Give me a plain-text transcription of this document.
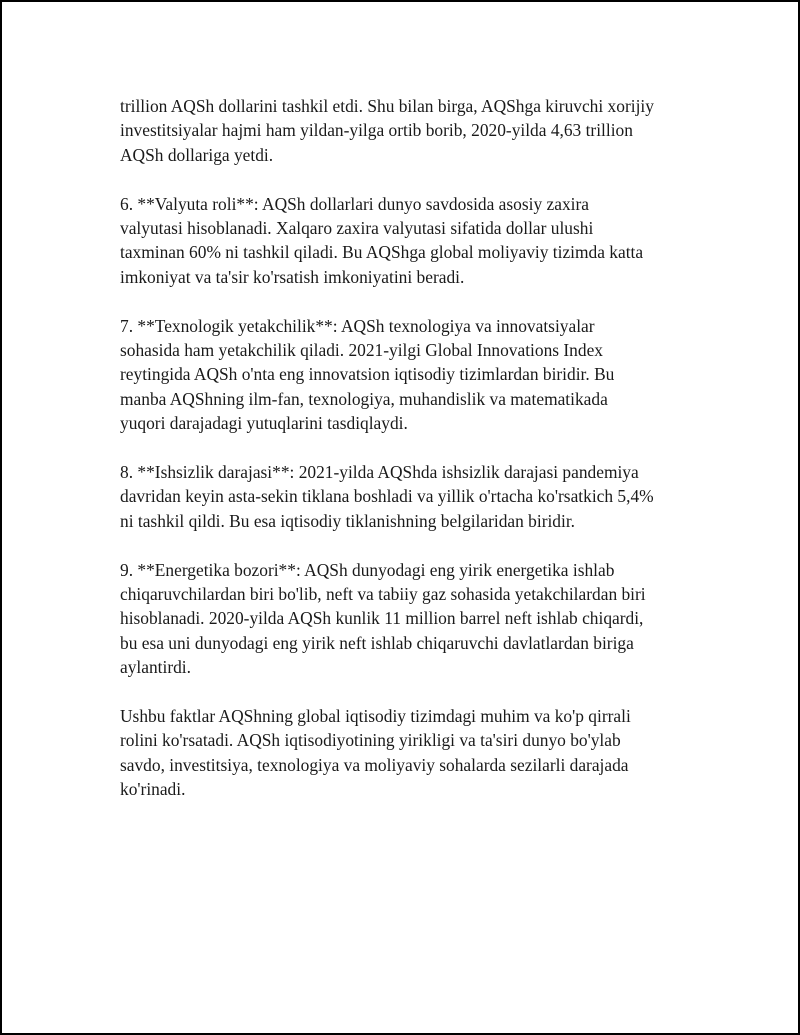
trillion AQSh dollarini tashkil etdi. Shu bilan birga, AQShga kiruvchi xorijiy
investitsiyalar hajmi ham yildan-yilga ortib borib, 2020-yilda 4,63 trillion
AQSh dollariga yetdi.

6. **Valyuta roli**: AQSh dollarlari dunyo savdosida asosiy zaxira
valyutasi hisoblanadi. Xalqaro zaxira valyutasi sifatida dollar ulushi
taxminan 60% ni tashkil qiladi. Bu AQShga global moliyaviy tizimda katta
imkoniyat va ta'sir ko'rsatish imkoniyatini beradi.

7. **Texnologik yetakchilik**: AQSh texnologiya va innovatsiyalar
sohasida ham yetakchilik qiladi. 2021-yilgi Global Innovations Index
reytingida AQSh o'nta eng innovatsion iqtisodiy tizimlardan biridir. Bu
manba AQShning ilm-fan, texnologiya, muhandislik va matematikada
yuqori darajadagi yutuqlarini tasdiqlaydi.

8. **Ishsizlik darajasi**: 2021-yilda AQShda ishsizlik darajasi pandemiya
davridan keyin asta-sekin tiklana boshladi va yillik o'rtacha ko'rsatkich 5,4%
ni tashkil qildi. Bu esa iqtisodiy tiklanishning belgilaridan biridir.

9. **Energetika bozori**: AQSh dunyodagi eng yirik energetika ishlab
chiqaruvchilardan biri bo'lib, neft va tabiiy gaz sohasida yetakchilardan biri
hisoblanadi. 2020-yilda AQSh kunlik 11 million barrel neft ishlab chiqardi,
bu esa uni dunyodagi eng yirik neft ishlab chiqaruvchi davlatlardan biriga
aylantirdi.

Ushbu faktlar AQShning global iqtisodiy tizimdagi muhim va ko'p qirrali
rolini ko'rsatadi. AQSh iqtisodiyotining yirikligi va ta'siri dunyo bo'ylab
savdo, investitsiya, texnologiya va moliyaviy sohalarda sezilarli darajada
ko'rinadi.
